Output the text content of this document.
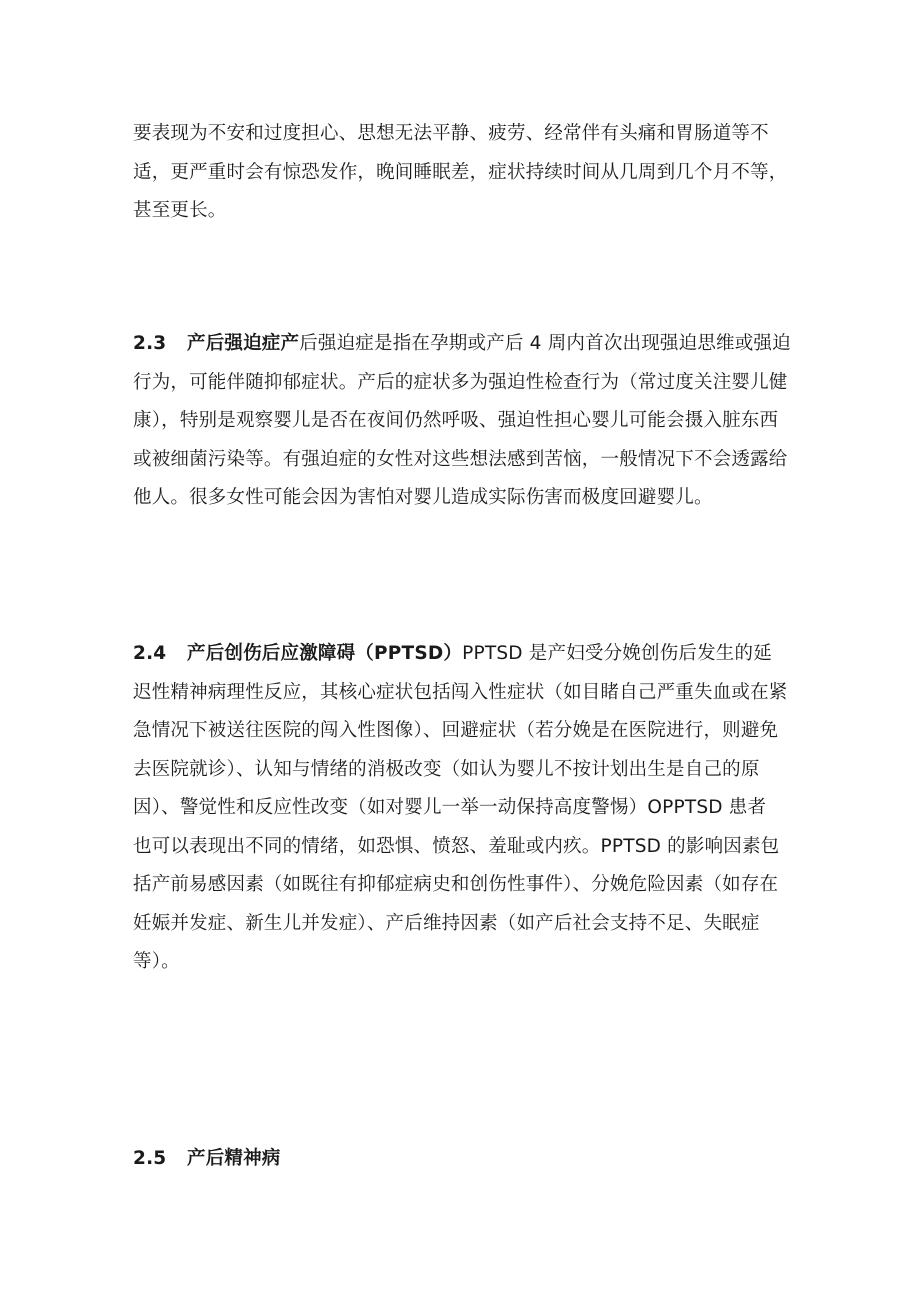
要表现为不安和过度担心、思想无法平静、疲劳、经常伴有头痛和胃肠道等不
适，更严重时会有惊恐发作，晚间睡眠差，症状持续时间从几周到几个月不等，
甚至更长。

2.3 产后强迫症产后强迫症是指在孕期或产后 4 周内首次出现强迫思维或强迫
行为，可能伴随抑郁症状。产后的症状多为强迫性检查行为（常过度关注婴儿健
康），特别是观察婴儿是否在夜间仍然呼吸、强迫性担心婴儿可能会摄入脏东西
或被细菌污染等。有强迫症的女性对这些想法感到苦恼，一般情况下不会透露给
他人。很多女性可能会因为害怕对婴儿造成实际伤害而极度回避婴儿。

2.4 产后创伤后应激障碍（PPTSD）PPTSD 是产妇受分娩创伤后发生的延
迟性精神病理性反应，其核心症状包括闯入性症状（如目睹自己严重失血或在紧
急情况下被送往医院的闯入性图像）、回避症状（若分娩是在医院进行，则避免
去医院就诊）、认知与情绪的消极改变（如认为婴儿不按计划出生是自己的原
因）、警觉性和反应性改变（如对婴儿一举一动保持高度警惕）OPPTSD 患者
也可以表现出不同的情绪，如恐惧、愤怒、羞耻或内疚。PPTSD 的影响因素包
括产前易感因素（如既往有抑郁症病史和创伤性事件）、分娩危险因素（如存在
妊娠并发症、新生儿并发症）、产后维持因素（如产后社会支持不足、失眠症
等）。

2.5 产后精神病
